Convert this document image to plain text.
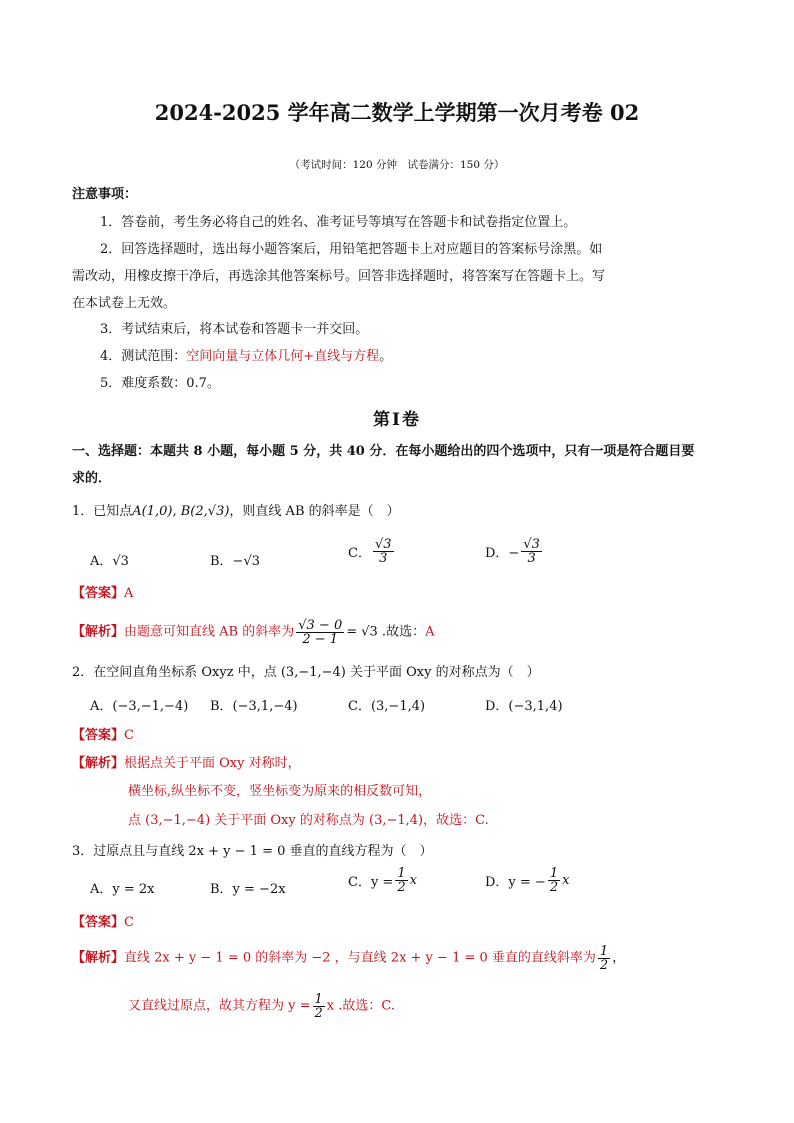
2024-2025 学年高二数学上学期第一次月考卷 02
（考试时间：120 分钟　试卷满分：150 分）
注意事项：
1．答卷前，考生务必将自己的姓名、准考证号等填写在答题卡和试卷指定位置上。
2．回答选择题时，选出每小题答案后，用铅笔把答题卡上对应题目的答案标号涂黑。如
需改动，用橡皮擦干净后，再选涂其他答案标号。回答非选择题时，将答案写在答题卡上。写
在本试卷上无效。
3．考试结束后，将本试卷和答题卡一并交回。
4．测试范围：空间向量与立体几何+直线与方程。
5．难度系数：0.7。
第Ⅰ卷
一、选择题：本题共 8 小题，每小题 5 分，共 40 分．在每小题给出的四个选项中，只有一项是符合题目要
求的．
1．已知点A(1,0), B(2,√3)，则直线 AB 的斜率是（　）
A．√3	B．−√3
C． $\frac{√3}{3}$	D．− $\frac{√3}{3}$
【答案】A
【解析】由题意可知直线 AB 的斜率为 $\frac{√3 - 0}{2 - 1} = √3$ .故选：A
2．在空间直角坐标系 Oxyz 中，点 (3,−1,−4) 关于平面 Oxy 的对称点为（　）
A．(−3,−1,−4) B．(−3,1,−4)	C．(3,−1,4)	D．(−3,1,4)
【答案】C
【解析】根据点关于平面 Oxy 对称时，
横坐标,纵坐标不变，竖坐标变为原来的相反数可知，
点 (3,−1,−4) 关于平面 Oxy 的对称点为 (3,−1,4)，故选：C.
3．过原点且与直线 2x + y − 1 = 0 垂直的直线方程为（　）
A．y = 2x	B．y = −2x	C．$y = \frac{1}{2}$ x	D．y = − $\frac{1}{2}$ x
【答案】C
【解析】直线 2x + y − 1 = 0 的斜率为 −2 ，与直线 2x + y − 1 = 0 垂直的直线斜率为 $\frac{1}{2}$ ，
又直线过原点，故其方程为 $y = \frac{1}{2}$ x .故选：C.
